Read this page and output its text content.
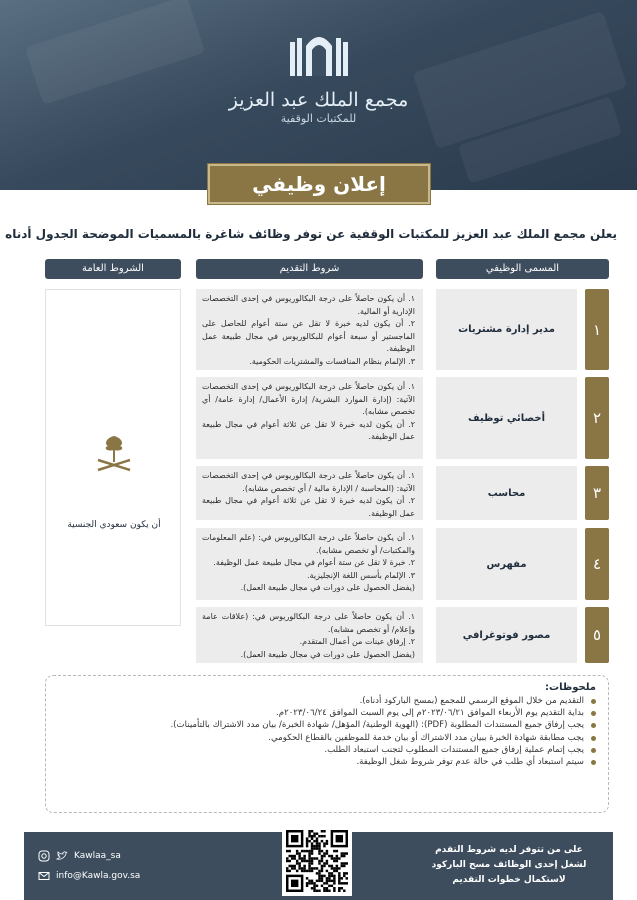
مجمع الملك عبد العزيز
للمكتبات الوقفية
إعلان وظيفي
يعلن مجمع الملك عبد العزيز للمكتبات الوقفية عن توفر وظائف شاغرة بالمسميات الموضحة الجدول أدناه
المسمى الوظيفي
شروط التقديم
الشروط العامة
١
مدير إدارة مشتريات
١. أن يكون حاصلاً على درجة البكالوريوس في إحدى التخصصات الإدارية أو المالية.
٢. أن يكون لديه خبرة لا تقل عن ستة أعوام للحاصل على الماجستير أو سبعة أعوام للبكالوريوس في مجال طبيعة عمل الوظيفة.
٣. الإلمام بنظام المنافسات والمشتريات الحكومية.
٢
أخصائي توظيف
١. أن يكون حاصلاً على درجة البكالوريوس في إحدى التخصصات الآتية: (إدارة الموارد البشرية/ إدارة الأعمال/ إدارة عامة/ أي تخصص مشابه).
٢. أن يكون لديه خبرة لا تقل عن ثلاثة أعوام في مجال طبيعة عمل الوظيفة.
٣
محاسب
١. أن يكون حاصلاً على درجة البكالوريوس في إحدى التخصصات الآتية: (المحاسبة / الإدارة مالية / أي تخصص مشابه).
٢. أن يكون لديه خبرة لا تقل عن ثلاثة أعوام في مجال طبيعة عمل الوظيفة.
٤
مفهرس
١. أن يكون حاصلاً على درجة البكالوريوس في: (علم المعلومات والمكتبات/ أو تخصص مشابه).
٢. خبرة لا تقل عن ستة أعوام في مجال طبيعة عمل الوظيفة.
٣. الإلمام بأسس اللغة الإنجليزية.
(يفضل الحصول على دورات في مجال طبيعة العمل).
٥
مصور فوتوغرافي
١. أن يكون حاصلاً على درجة البكالوريوس في: (علاقات عامة وإعلام/ أو تخصص مشابه).
٢. إرفاق عينات من أعمال المتقدم.
(يفضل الحصول على دورات في مجال طبيعة العمل).
أن يكون سعودي الجنسية
ملحوظات:
التقديم من خلال الموقع الرسمي للمجمع (بمسح الباركود أدناه).
بداية التقديم يوم الأربعاء الموافق ٢٠٢٣/٠٦/٢١م إلى يوم السبت الموافق ٢٠٢٣/٠٦/٢٤م.
يجب إرفاق جميع المستندات المطلوبة (PDF): (الهوية الوطنية/ المؤهل/ شهادة الخبرة/ بيان مدد الاشتراك بالتأمينات).
يجب مطابقة شهادة الخبرة ببيان مدد الاشتراك أو بيان خدمة للموظفين بالقطاع الحكومي.
يجب إتمام عملية إرفاق جميع المستندات المطلوب لتجنب استبعاد الطلب.
سيتم استبعاد أي طلب في حالة عدم توفر شروط شغل الوظيفة.
على من تتوفر لديه شروط التقدم
لشغل إحدى الوظائف مسح الباركود
لاستكمال خطوات التقديم
Kawlaa_sa
info@Kawla.gov.sa
